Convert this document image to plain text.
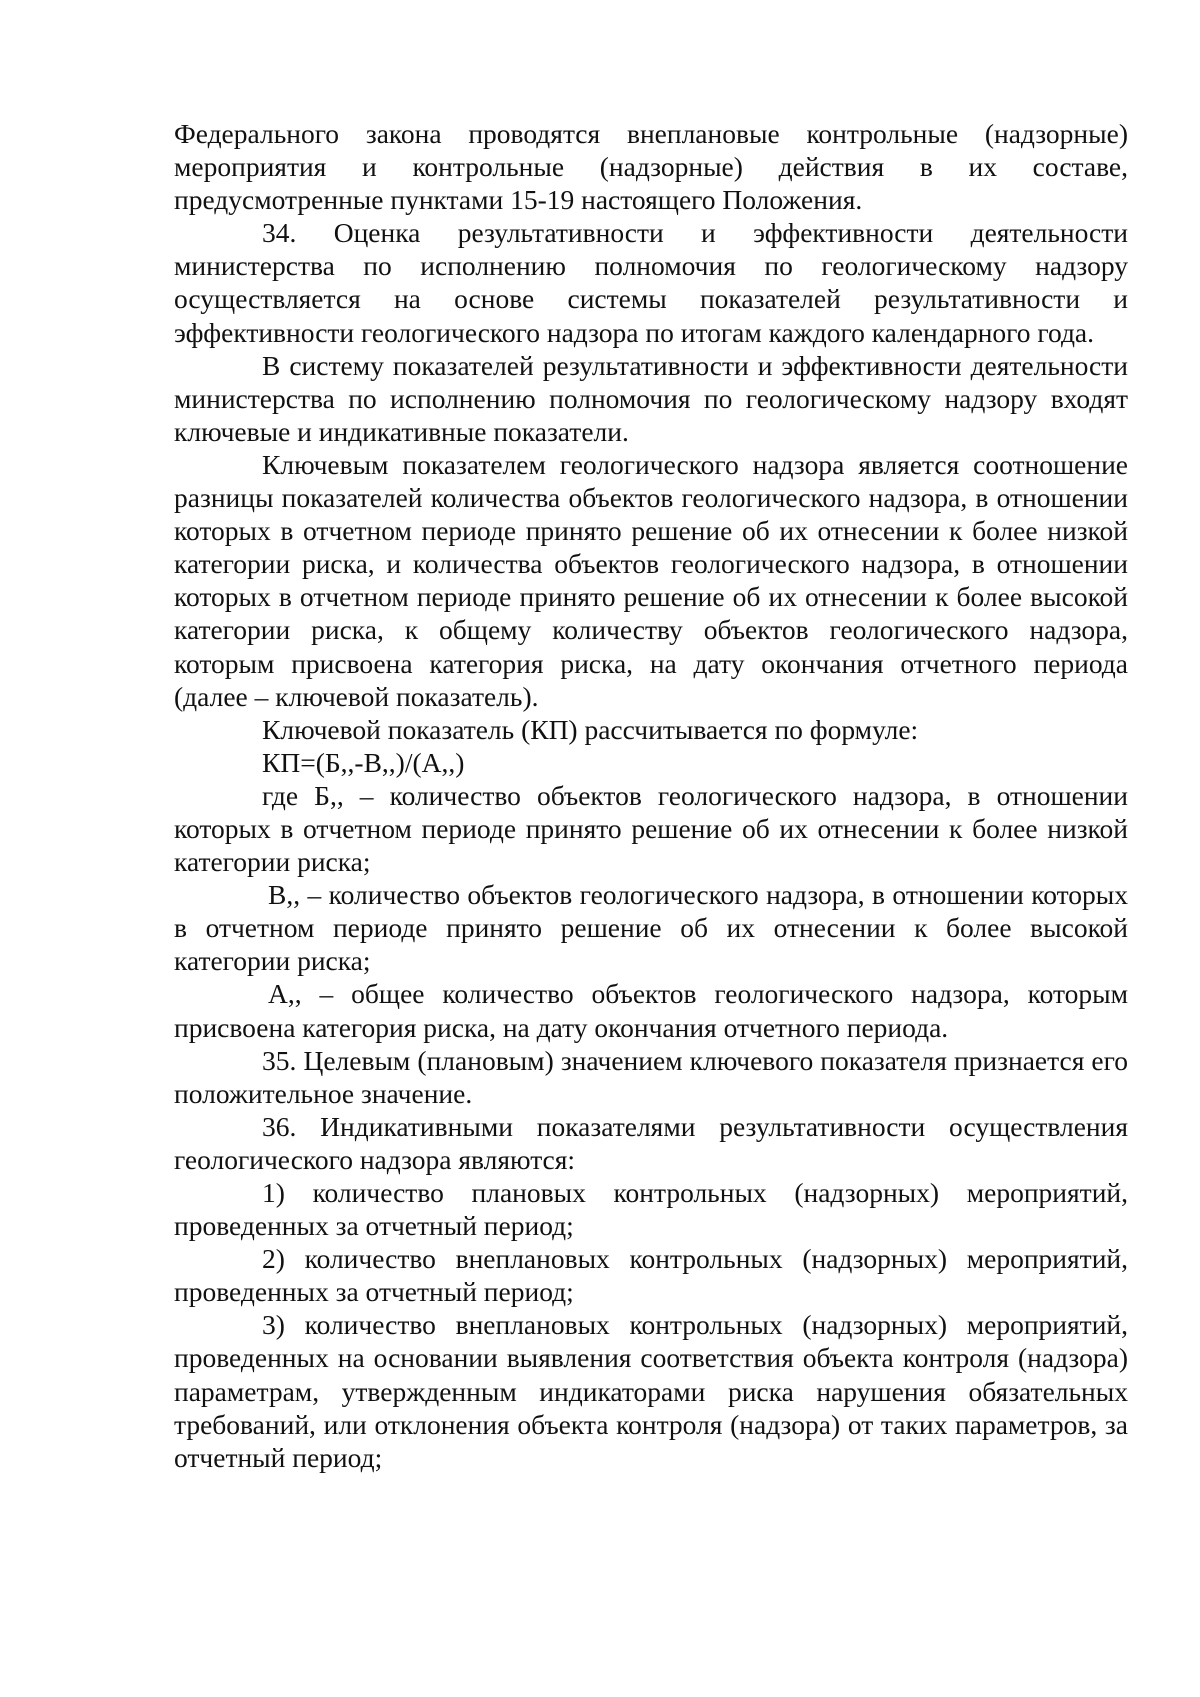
Федерального закона проводятся внеплановые контрольные (надзорные) мероприятия и контрольные (надзорные) действия в их составе, предусмотренные пунктами 15-19 настоящего Положения.

34. Оценка результативности и эффективности деятельности министерства по исполнению полномочия по геологическому надзору осуществляется на основе системы показателей результативности и эффективности геологического надзора по итогам каждого календарного года.

В систему показателей результативности и эффективности деятельности министерства по исполнению полномочия по геологическому надзору входят ключевые и индикативные показатели.

Ключевым показателем геологического надзора является соотношение разницы показателей количества объектов геологического надзора, в отношении которых в отчетном периоде принято решение об их отнесении к более низкой категории риска, и количества объектов геологического надзора, в отношении которых в отчетном периоде принято решение об их отнесении к более высокой категории риска, к общему количеству объектов геологического надзора, которым присвоена категория риска, на дату окончания отчетного периода (далее – ключевой показатель).

Ключевой показатель (КП) рассчитывается по формуле:

КП=(Б,,-В,,)/(А,,)

где Б,, – количество объектов геологического надзора, в отношении которых в отчетном периоде принято решение об их отнесении к более низкой категории риска;

В,, – количество объектов геологического надзора, в отношении которых в отчетном периоде принято решение об их отнесении к более высокой категории риска;

А,, – общее количество объектов геологического надзора, которым присвоена категория риска, на дату окончания отчетного периода.

35. Целевым (плановым) значением ключевого показателя признается его положительное значение.

36. Индикативными показателями результативности осуществления геологического надзора являются:

1) количество плановых контрольных (надзорных) мероприятий, проведенных за отчетный период;

2) количество внеплановых контрольных (надзорных) мероприятий, проведенных за отчетный период;

3) количество внеплановых контрольных (надзорных) мероприятий, проведенных на основании выявления соответствия объекта контроля (надзора) параметрам, утвержденным индикаторами риска нарушения обязательных требований, или отклонения объекта контроля (надзора) от таких параметров, за отчетный период;
